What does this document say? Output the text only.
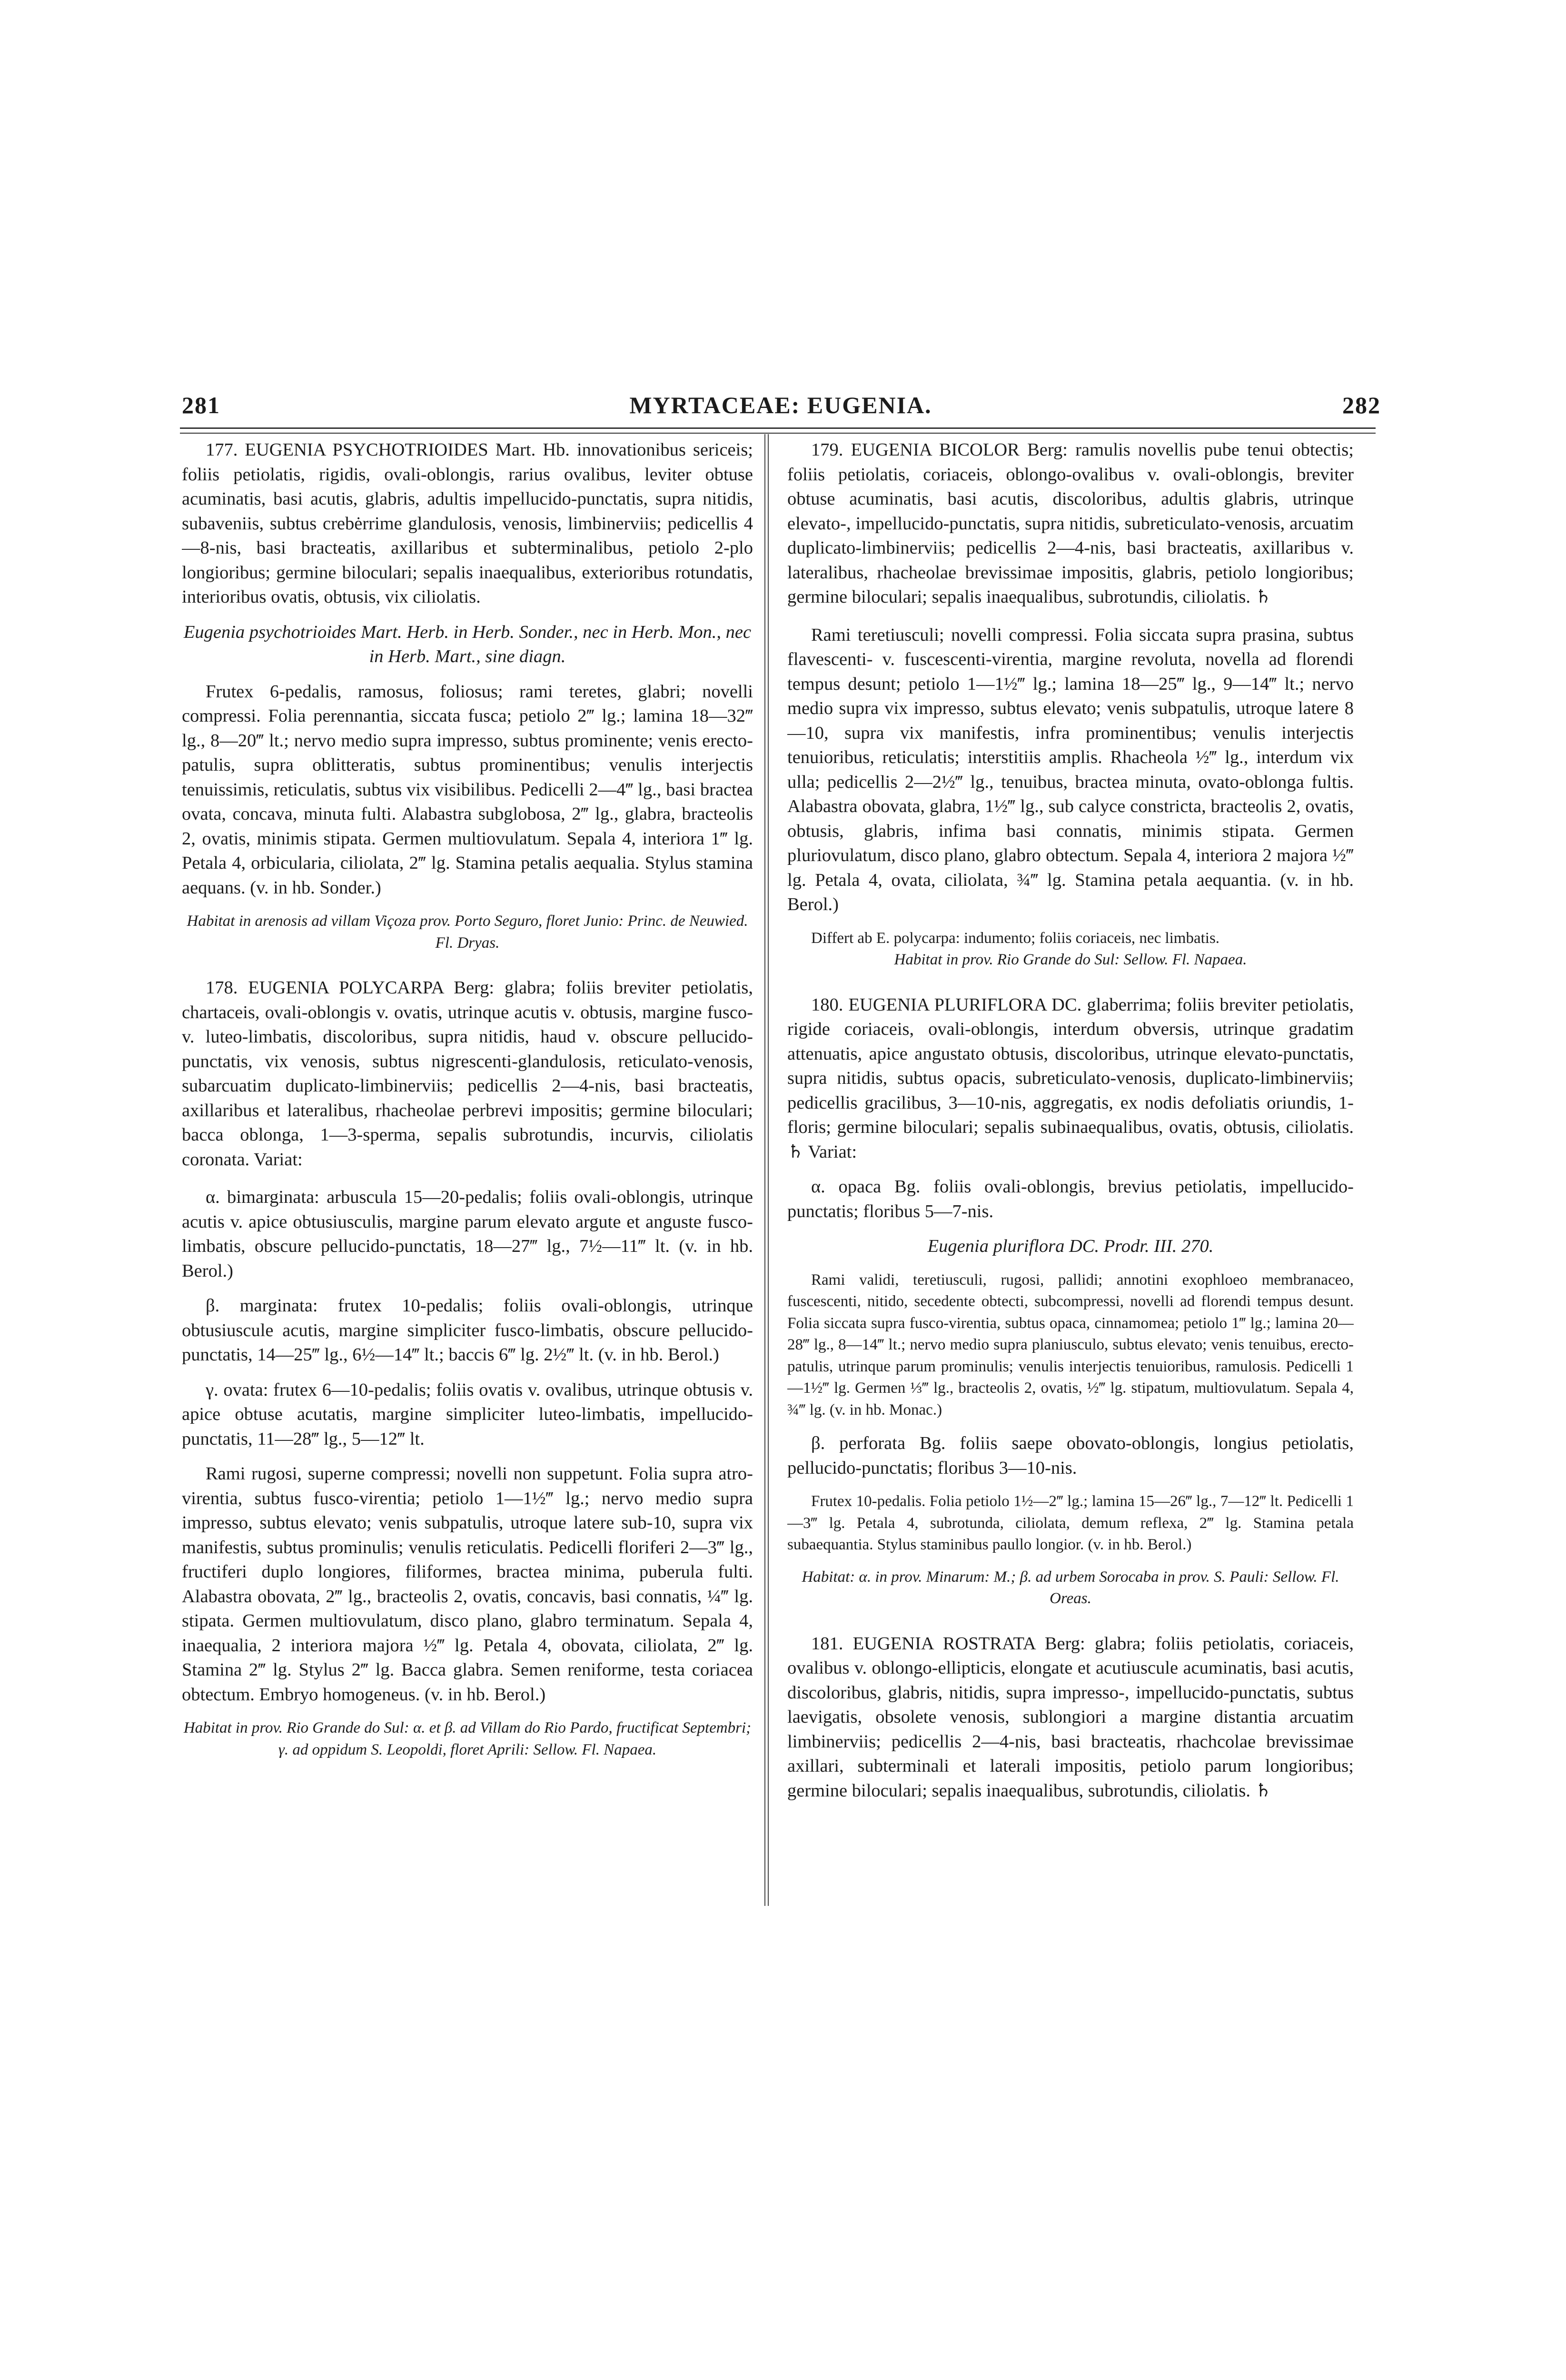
281	MYRTACEAE: EUGENIA.	282

177. EUGENIA PSYCHOTRIOIDES Mart. Hb. innovationibus sericeis; foliis petiolatis, rigidis, ovali-oblongis, rarius ovalibus, leviter obtuse acuminatis, basi acutis, glabris, adultis impellucido-punctatis, supra nitidis, subaveniis, subtus crebėrrime glandulosis, venosis, limbinerviis; pedicellis 4—8-nis, basi bracteatis, axillaribus et subterminalibus, petiolo 2-plo longioribus; germine biloculari; sepalis inaequalibus, exterioribus rotundatis, interioribus ovatis, obtusis, vix ciliolatis.

Eugenia psychotrioides Mart. Herb. in Herb. Sonder., nec in Herb. Mon., nec in Herb. Mart., sine diagn.

Frutex 6-pedalis, ramosus, foliosus; rami teretes, glabri; novelli compressi. Folia perennantia, siccata fusca; petiolo 2‴ lg.; lamina 18—32‴ lg., 8—20‴ lt.; nervo medio supra impresso, subtus prominente; venis erecto-patulis, supra oblitteratis, subtus prominentibus; venulis interjectis tenuissimis, reticulatis, subtus vix visibilibus. Pedicelli 2—4‴ lg., basi bractea ovata, concava, minuta fulti. Alabastra subglobosa, 2‴ lg., glabra, bracteolis 2, ovatis, minimis stipata. Germen multiovulatum. Sepala 4, interiora 1‴ lg. Petala 4, orbicularia, ciliolata, 2‴ lg. Stamina petalis aequalia. Stylus stamina aequans. (v. in hb. Sonder.)

Habitat in arenosis ad villam Viçoza prov. Porto Seguro, floret Junio: Princ. de Neuwied. Fl. Dryas.

178. EUGENIA POLYCARPA Berg: glabra; foliis breviter petiolatis, chartaceis, ovali-oblongis v. ovatis, utrinque acutis v. obtusis, margine fusco- v. luteo-limbatis, discoloribus, supra nitidis, haud v. obscure pellucido-punctatis, vix venosis, subtus nigrescenti-glandulosis, reticulato-venosis, subarcuatim duplicato-limbinerviis; pedicellis 2—4-nis, basi bracteatis, axillaribus et lateralibus, rhacheolae perbrevi impositis; germine biloculari; bacca oblonga, 1—3-sperma, sepalis subrotundis, incurvis, ciliolatis coronata. Variat:

α. bimarginata: arbuscula 15—20-pedalis; foliis ovali-oblongis, utrinque acutis v. apice obtusiusculis, margine parum elevato argute et anguste fusco-limbatis, obscure pellucido-punctatis, 18—27‴ lg., 7½—11‴ lt. (v. in hb. Berol.)

β. marginata: frutex 10-pedalis; foliis ovali-oblongis, utrinque obtusiuscule acutis, margine simpliciter fusco-limbatis, obscure pellucido-punctatis, 14—25‴ lg., 6½—14‴ lt.; baccis 6‴ lg. 2½‴ lt. (v. in hb. Berol.)

γ. ovata: frutex 6—10-pedalis; foliis ovatis v. ovalibus, utrinque obtusis v. apice obtuse acutatis, margine simpliciter luteo-limbatis, impellucido-punctatis, 11—28‴ lg., 5—12‴ lt.

Rami rugosi, superne compressi; novelli non suppetunt. Folia supra atro-virentia, subtus fusco-virentia; petiolo 1—1½‴ lg.; nervo medio supra impresso, subtus elevato; venis subpatulis, utroque latere sub-10, supra vix manifestis, subtus prominulis; venulis reticulatis. Pedicelli floriferi 2—3‴ lg., fructiferi duplo longiores, filiformes, bractea minima, puberula fulti. Alabastra obovata, 2‴ lg., bracteolis 2, ovatis, concavis, basi connatis, ¼‴ lg. stipata. Germen multiovulatum, disco plano, glabro terminatum. Sepala 4, inaequalia, 2 interiora majora ½‴ lg. Petala 4, obovata, ciliolata, 2‴ lg. Stamina 2‴ lg. Stylus 2‴ lg. Bacca glabra. Semen reniforme, testa coriacea obtectum. Embryo homogeneus. (v. in hb. Berol.)

Habitat in prov. Rio Grande do Sul: α. et β. ad Villam do Rio Pardo, fructificat Septembri; γ. ad oppidum S. Leopoldi, floret Aprili: Sellow. Fl. Napaea.

179. EUGENIA BICOLOR Berg: ramulis novellis pube tenui obtectis; foliis petiolatis, coriaceis, oblongo-ovalibus v. ovali-oblongis, breviter obtuse acuminatis, basi acutis, discoloribus, adultis glabris, utrinque elevato-, impellucido-punctatis, supra nitidis, subreticulato-venosis, arcuatim duplicato-limbinerviis; pedicellis 2—4-nis, basi bracteatis, axillaribus v. lateralibus, rhacheolae brevissimae impositis, glabris, petiolo longioribus; germine biloculari; sepalis inaequalibus, subrotundis, ciliolatis. ♄

Rami teretiusculi; novelli compressi. Folia siccata supra prasina, subtus flavescenti- v. fuscescenti-virentia, margine revoluta, novella ad florendi tempus desunt; petiolo 1—1½‴ lg.; lamina 18—25‴ lg., 9—14‴ lt.; nervo medio supra vix impresso, subtus elevato; venis subpatulis, utroque latere 8—10, supra vix manifestis, infra prominentibus; venulis interjectis tenuioribus, reticulatis; interstitiis amplis. Rhacheola ½‴ lg., interdum vix ulla; pedicellis 2—2½‴ lg., tenuibus, bractea minuta, ovato-oblonga fultis. Alabastra obovata, glabra, 1½‴ lg., sub calyce constricta, bracteolis 2, ovatis, obtusis, glabris, infima basi connatis, minimis stipata. Germen pluriovulatum, disco plano, glabro obtectum. Sepala 4, interiora 2 majora ½‴ lg. Petala 4, ovata, ciliolata, ¾‴ lg. Stamina petala aequantia. (v. in hb. Berol.)

Differt ab E. polycarpa: indumento; foliis coriaceis, nec limbatis.

Habitat in prov. Rio Grande do Sul: Sellow. Fl. Napaea.

180. EUGENIA PLURIFLORA DC. glaberrima; foliis breviter petiolatis, rigide coriaceis, ovali-oblongis, interdum obversis, utrinque gradatim attenuatis, apice angustato obtusis, discoloribus, utrinque elevato-punctatis, supra nitidis, subtus opacis, subreticulato-venosis, duplicato-limbinerviis; pedicellis gracilibus, 3—10-nis, aggregatis, ex nodis defoliatis oriundis, 1-floris; germine biloculari; sepalis subinaequalibus, ovatis, obtusis, ciliolatis. ♄ Variat:

α. opaca Bg. foliis ovali-oblongis, brevius petiolatis, impellucido-punctatis; floribus 5—7-nis.

Eugenia pluriflora DC. Prodr. III. 270.

Rami validi, teretiusculi, rugosi, pallidi; annotini exophloeo membranaceo, fuscescenti, nitido, secedente obtecti, subcompressi, novelli ad florendi tempus desunt. Folia siccata supra fusco-virentia, subtus opaca, cinnamomea; petiolo 1‴ lg.; lamina 20—28‴ lg., 8—14‴ lt.; nervo medio supra planiusculo, subtus elevato; venis tenuibus, erecto-patulis, utrinque parum prominulis; venulis interjectis tenuioribus, ramulosis. Pedicelli 1—1½‴ lg. Germen ⅓‴ lg., bracteolis 2, ovatis, ½‴ lg. stipatum, multiovulatum. Sepala 4, ¾‴ lg. (v. in hb. Monac.)

β. perforata Bg. foliis saepe obovato-oblongis, longius petiolatis, pellucido-punctatis; floribus 3—10-nis.

Frutex 10-pedalis. Folia petiolo 1½—2‴ lg.; lamina 15—26‴ lg., 7—12‴ lt. Pedicelli 1—3‴ lg. Petala 4, subrotunda, ciliolata, demum reflexa, 2‴ lg. Stamina petala subaequantia. Stylus staminibus paullo longior. (v. in hb. Berol.)

Habitat: α. in prov. Minarum: M.; β. ad urbem Sorocaba in prov. S. Pauli: Sellow. Fl. Oreas.

181. EUGENIA ROSTRATA Berg: glabra; foliis petiolatis, coriaceis, ovalibus v. oblongo-ellipticis, elongate et acutiuscule acuminatis, basi acutis, discoloribus, glabris, nitidis, supra impresso-, impellucido-punctatis, subtus laevigatis, obsolete venosis, sublongiori a margine distantia arcuatim limbinerviis; pedicellis 2—4-nis, basi bracteatis, rhachcolae brevissimae axillari, subterminali et laterali impositis, petiolo parum longioribus; germine biloculari; sepalis inaequalibus, subrotundis, ciliolatis. ♄
